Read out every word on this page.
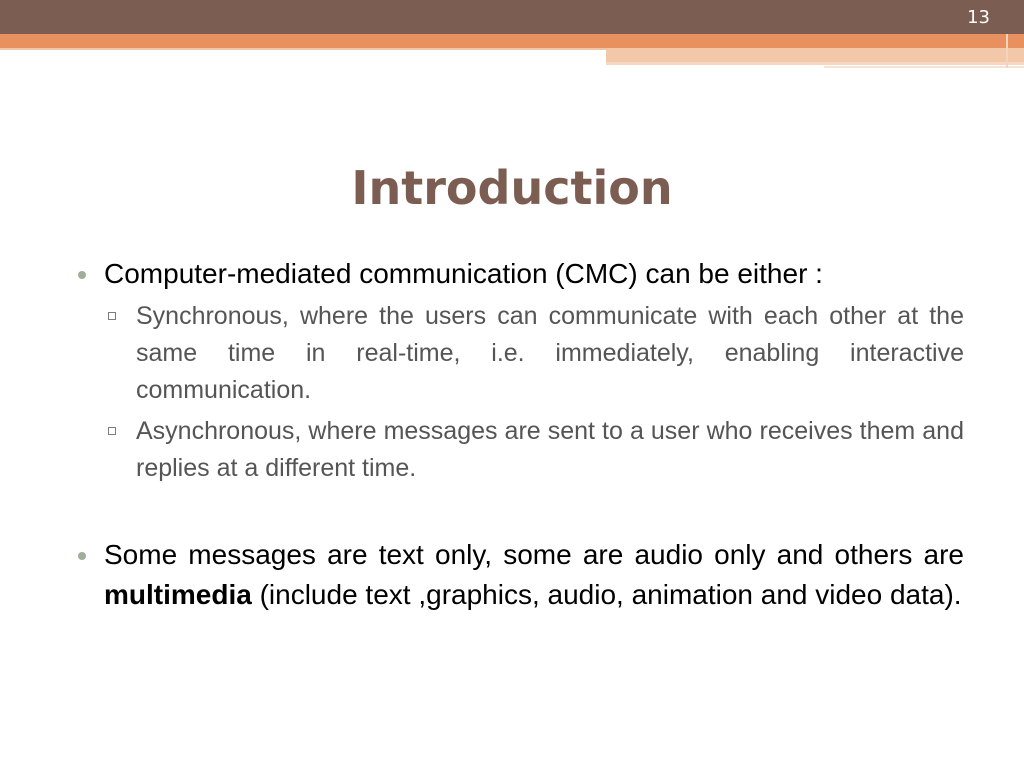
13
Introduction
Computer-mediated communication (CMC) can be either :
Synchronous, where the users can communicate with each other at the same time in real-time, i.e. immediately, enabling interactive communication.
Asynchronous, where messages are sent to a user who receives them and replies at a different time.
Some messages are text only, some are audio only and others are multimedia (include text ,graphics, audio, animation and video data).
